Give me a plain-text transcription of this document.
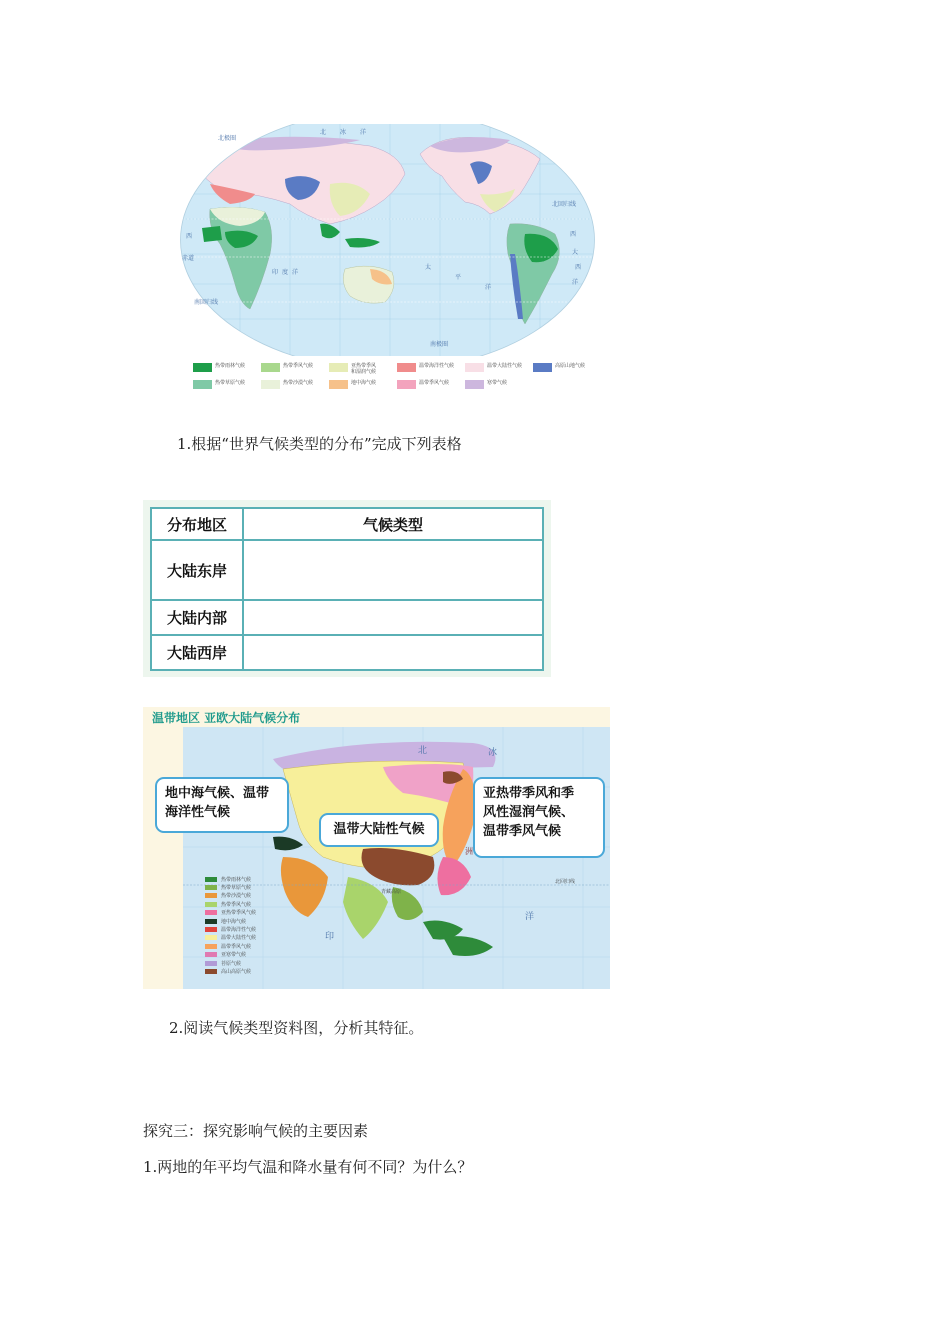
北极圈
北 冰 洋
北回归线
西
西
赤道
印 度 洋
太
平
洋
大
西
洋
南回归线
南极圈
热带雨林气候	热带季风气候	亚热带季风
和湿润气候
温带海洋性气候	温带大陆性气候	高原山地气候
热带草原气候	热带沙漠气候	地中海气候	温带季风气候	寒带气候
1.根据“世界气候类型的分布”完成下列表格
分布地区	气候类型
大陆东岸	
大陆内部	
大陆西岸	
温带地区 亚欧大陆气候分布
北	冰
印
洋
洲
北回归线
青藏高原
地中海气候、温带
海洋性气候
温带大陆性气候
亚热带季风和季
风性湿润气候、
温带季风气候
热带雨林气候
热带草原气候
热带沙漠气候
热带季风气候
亚热带季风气候
地中海气候
温带海洋性气候
温带大陆性气候
温带季风气候
亚寒带气候
苔原气候
高山高原气候
2.阅读气候类型资料图，分析其特征。
探究三：探究影响气候的主要因素
1.两地的年平均气温和降水量有何不同？为什么？
